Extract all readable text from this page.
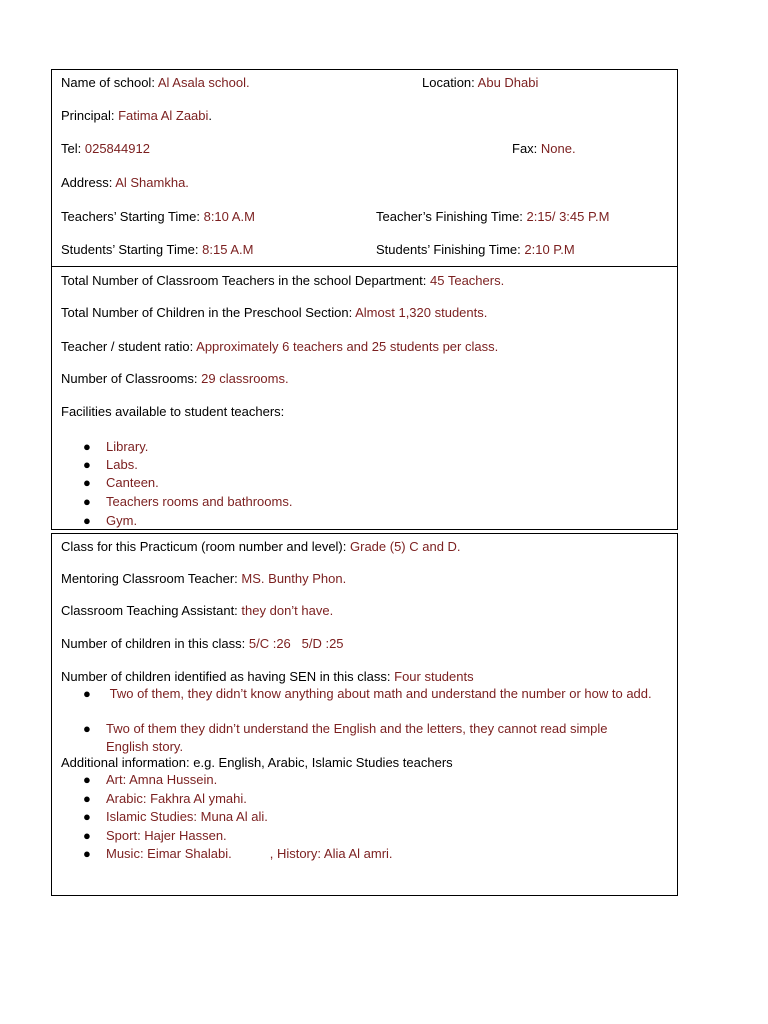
Name of school: Al Asala school.	Location: Abu Dhabi
Principal: Fatima Al Zaabi.
Tel: 025844912	Fax: None.
Address: Al Shamkha.
Teachers’ Starting Time: 8:10 A.M	Teacher’s Finishing Time: 2:15/ 3:45 P.M
Students’ Starting Time: 8:15 A.M	Students’ Finishing Time: 2:10 P.M
Total Number of Classroom Teachers in the school Department: 45 Teachers.
Total Number of Children in the Preschool Section: Almost 1,320 students.
Teacher / student ratio: Approximately 6 teachers and 25 students per class.
Number of Classrooms: 29 classrooms.
Facilities available to student teachers:
● Library.
● Labs.
● Canteen.
● Teachers rooms and bathrooms.
● Gym.
Class for this Practicum (room number and level): Grade (5) C and D.
Mentoring Classroom Teacher: MS. Bunthy Phon.
Classroom Teaching Assistant: they don’t have.
Number of children in this class: 5/C :26   5/D :25
Number of children identified as having SEN in this class: Four students
● Two of them, they didn’t know anything about math and understand the number or how to add.
● Two of them they didn’t understand the English and the letters, they cannot read simple English story.
Additional information: e.g. English, Arabic, Islamic Studies teachers
● Art: Amna Hussein.
● Arabic: Fakhra Al ymahi.
● Islamic Studies: Muna Al ali.
● Sport: Hajer Hassen.
● Music: Eimar Shalabi.	, History: Alia Al amri.
